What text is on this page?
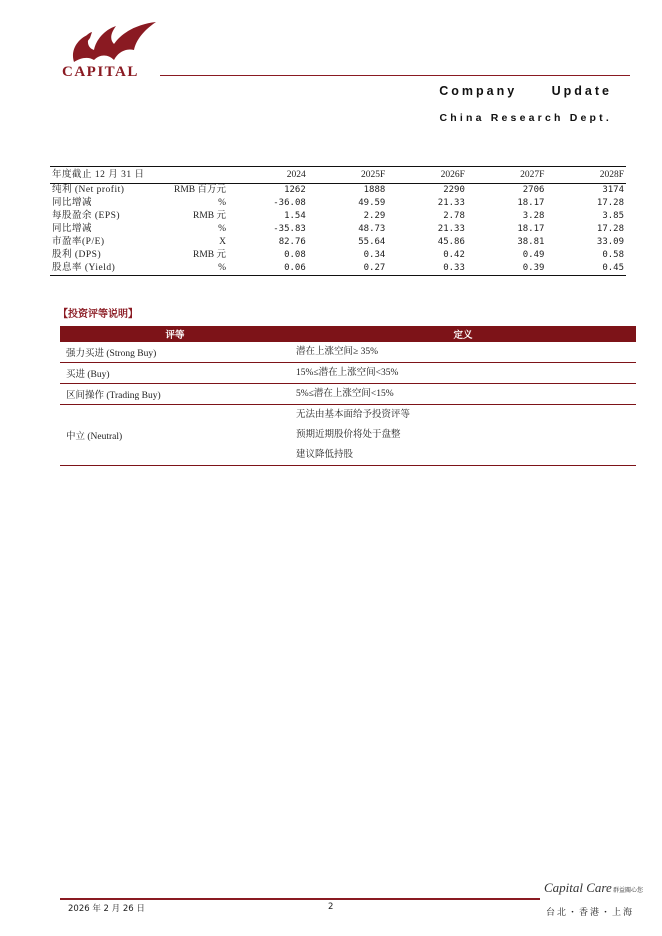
CAPITAL
Company Update
China Research Dept.
年度截止 12 月 31 日		2024	2025F	2026F	2027F	2028F
纯利 (Net profit)	RMB 百万元	1262	1888	2290	2706	3174
同比增减	%	-36.08	49.59	21.33	18.17	17.28
每股盈余 (EPS)	RMB 元	1.54	2.29	2.78	3.28	3.85
同比增减	%	-35.83	48.73	21.33	18.17	17.28
市盈率(P/E)	X	82.76	55.64	45.86	38.81	33.09
股利 (DPS)	RMB 元	0.08	0.34	0.42	0.49	0.58
股息率 (Yield)	%	0.06	0.27	0.33	0.39	0.45
【投资评等说明】
评等	定义
强力买进 (Strong Buy)	潜在上涨空间≥ 35%

买进 (Buy)	15%≤潜在上涨空间<35%

区间操作 (Trading Buy)	5%≤潜在上涨空间<15%

中立 (Neutral)	无法由基本面给予投资评等
预期近期股价将处于盘整
建议降低持股
Capital Care 群益關心您
2026 年 2 月 26 日	2
台北・香港・上海
